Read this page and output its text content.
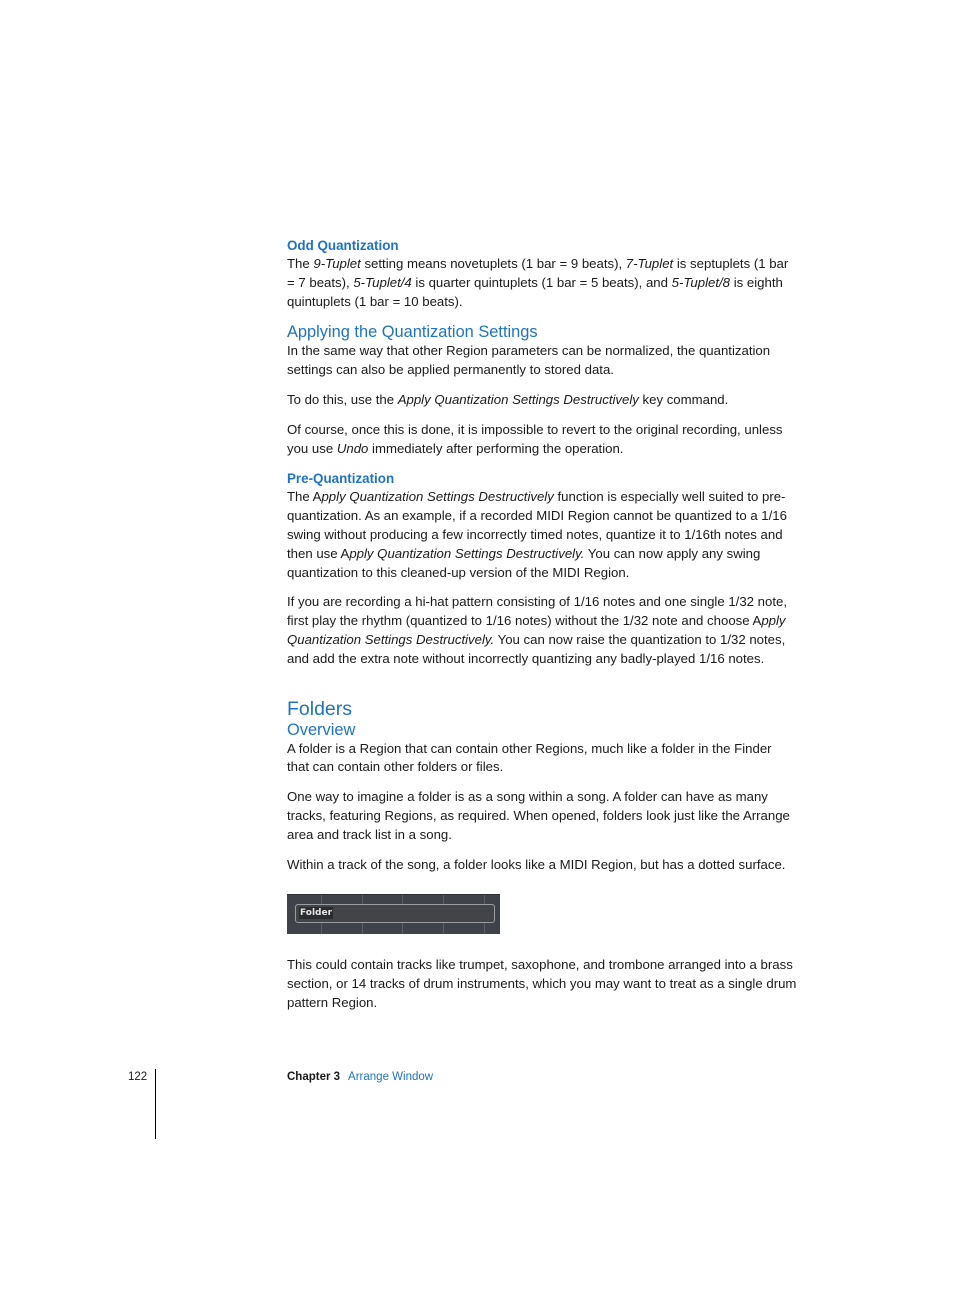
Odd Quantization

The 9-Tuplet setting means novetuplets (1 bar = 9 beats), 7-Tuplet is septuplets (1 bar = 7 beats), 5-Tuplet/4 is quarter quintuplets (1 bar = 5 beats), and 5-Tuplet/8 is eighth quintuplets (1 bar = 10 beats).

Applying the Quantization Settings

In the same way that other Region parameters can be normalized, the quantization settings can also be applied permanently to stored data.

To do this, use the Apply Quantization Settings Destructively key command.

Of course, once this is done, it is impossible to revert to the original recording, unless you use Undo immediately after performing the operation.

Pre-Quantization

The Apply Quantization Settings Destructively function is especially well suited to pre-quantization. As an example, if a recorded MIDI Region cannot be quantized to a 1/16 swing without producing a few incorrectly timed notes, quantize it to 1/16th notes and then use Apply Quantization Settings Destructively. You can now apply any swing quantization to this cleaned-up version of the MIDI Region.

If you are recording a hi-hat pattern consisting of 1/16 notes and one single 1/32 note, first play the rhythm (quantized to 1/16 notes) without the 1/32 note and choose Apply Quantization Settings Destructively. You can now raise the quantization to 1/32 notes, and add the extra note without incorrectly quantizing any badly-played 1/16 notes.

Folders
Overview

A folder is a Region that can contain other Regions, much like a folder in the Finder that can contain other folders or files.

One way to imagine a folder is as a song within a song. A folder can have as many tracks, featuring Regions, as required. When opened, folders look just like the Arrange area and track list in a song.

Within a track of the song, a folder looks like a MIDI Region, but has a dotted surface.

Folder

This could contain tracks like trumpet, saxophone, and trombone arranged into a brass section, or 14 tracks of drum instruments, which you may want to treat as a single drum pattern Region.

122	Chapter 3 Arrange Window
